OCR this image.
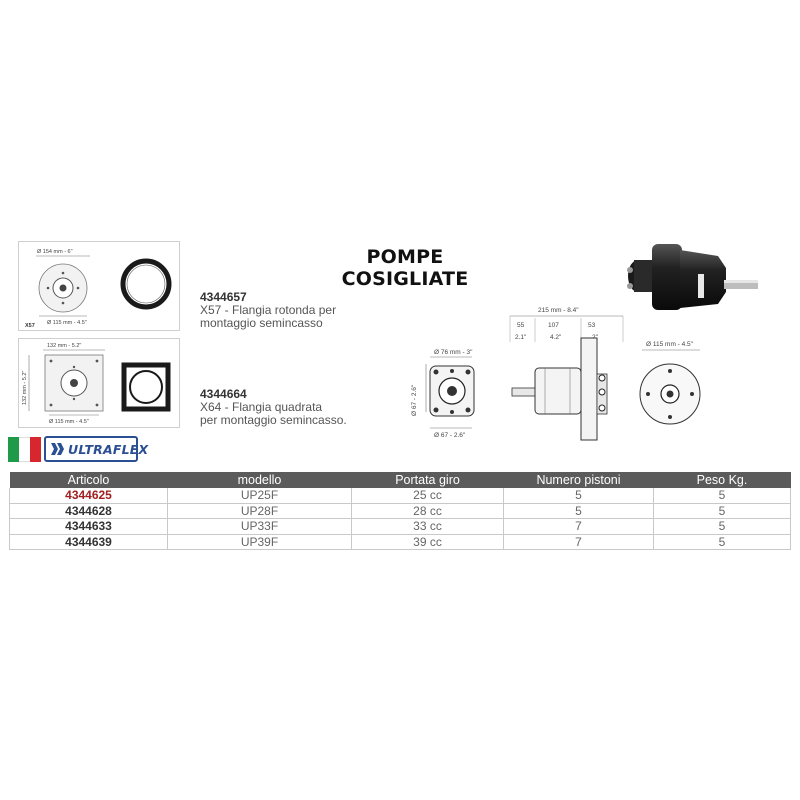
POMPE COSIGLIATE
Ø 154 mm - 6"
X57 Ø 115 mm - 4.5"
132 mm - 5.2"
132 mm - 5.2"
Ø 115 mm - 4.5"
4344657
X57 - Flangia rotonda per
montaggio semincasso
4344664
X64 - Flangia quadrata
per montaggio semincasso.
215 mm - 8.4"
55	107	53
2.1"	4.2"
Ø 76 mm - 3"
Ø 67 - 2.6"
Ø 67 - 2.6"
Ø 115 mm - 4.5"
ULTRAFLEX
Articolo	modello	Portata giro	Numero pistoni	Peso Kg.
4344625	UP25F	25 cc	5	5
4344628	UP28F	28 cc	5	5
4344633	UP33F	33 cc	7	5
4344639	UP39F	39 cc	7	5
